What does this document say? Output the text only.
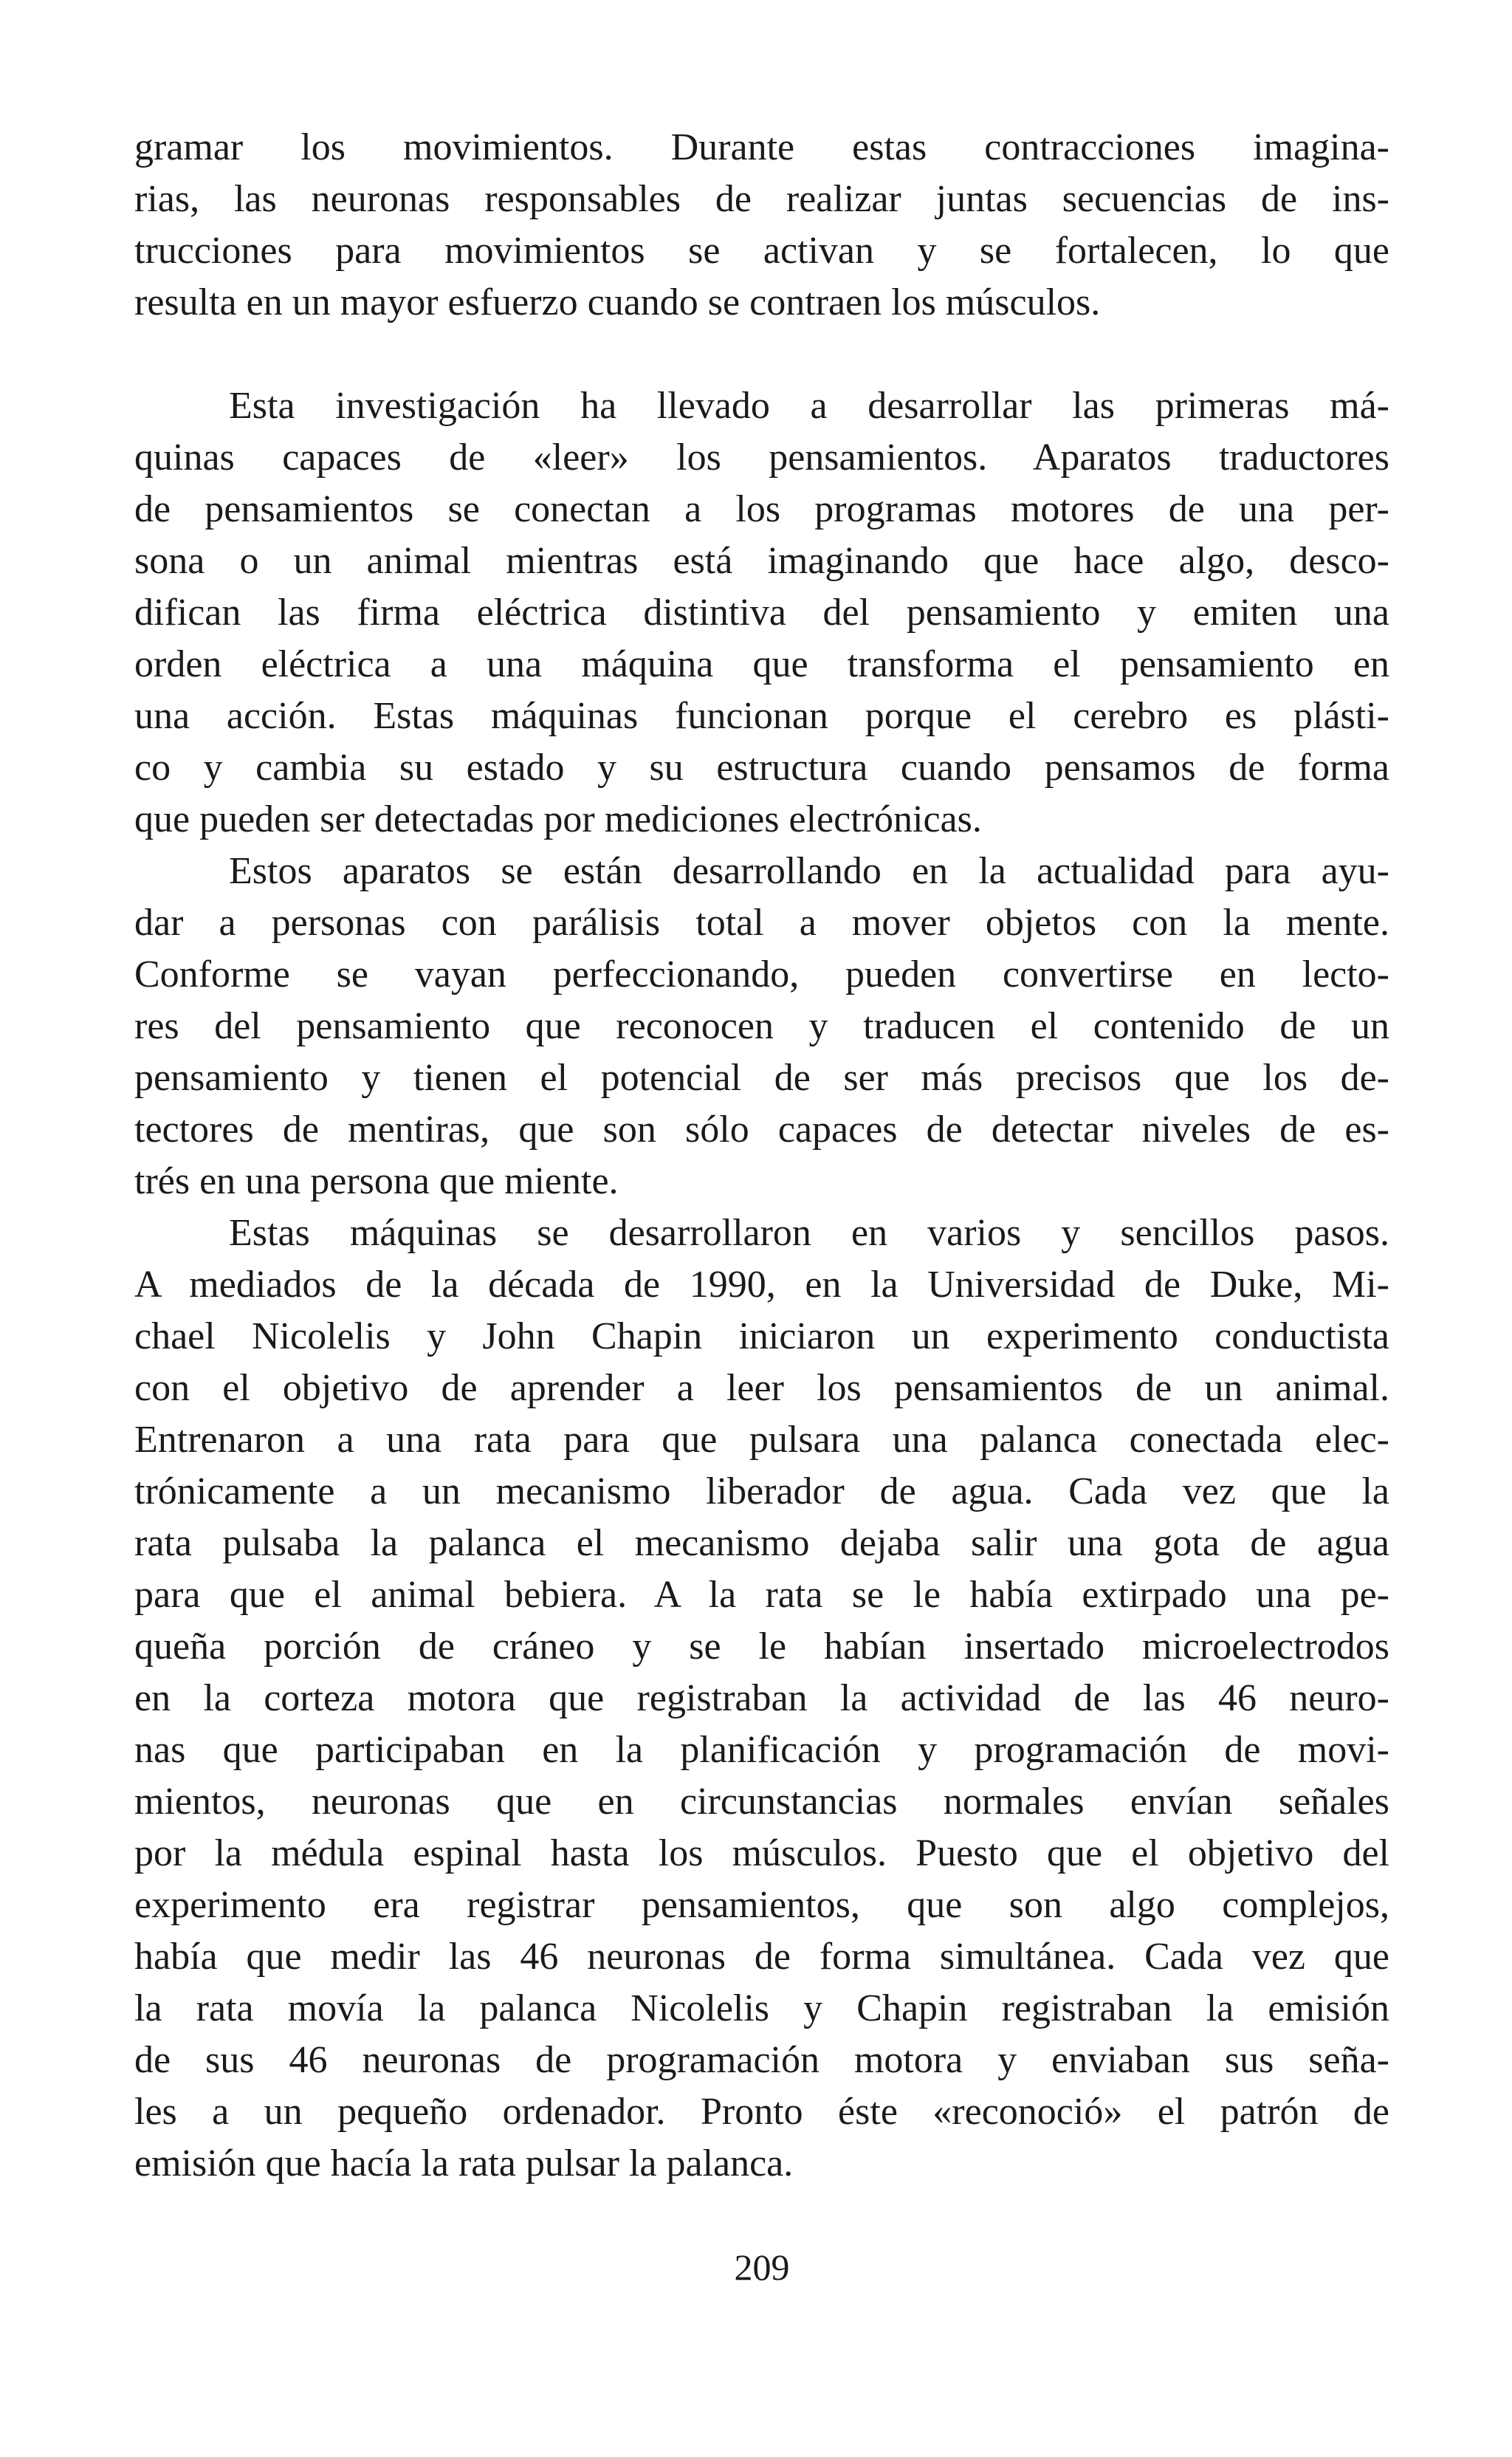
gramar los movimientos. Durante estas contracciones imagina-
rias, las neuronas responsables de realizar juntas secuencias de ins-
trucciones para movimientos se activan y se fortalecen, lo que
resulta en un mayor esfuerzo cuando se contraen los músculos.
Esta investigación ha llevado a desarrollar las primeras má-
quinas capaces de «leer» los pensamientos. Aparatos traductores
de pensamientos se conectan a los programas motores de una per-
sona o un animal mientras está imaginando que hace algo, desco-
difican las firma eléctrica distintiva del pensamiento y emiten una
orden eléctrica a una máquina que transforma el pensamiento en
una acción. Estas máquinas funcionan porque el cerebro es plásti-
co y cambia su estado y su estructura cuando pensamos de forma
que pueden ser detectadas por mediciones electrónicas.
Estos aparatos se están desarrollando en la actualidad para ayu-
dar a personas con parálisis total a mover objetos con la mente.
Conforme se vayan perfeccionando, pueden convertirse en lecto-
res del pensamiento que reconocen y traducen el contenido de un
pensamiento y tienen el potencial de ser más precisos que los de-
tectores de mentiras, que son sólo capaces de detectar niveles de es-
trés en una persona que miente.
Estas máquinas se desarrollaron en varios y sencillos pasos.
A mediados de la década de 1990, en la Universidad de Duke, Mi-
chael Nicolelis y John Chapin iniciaron un experimento conductista
con el objetivo de aprender a leer los pensamientos de un animal.
Entrenaron a una rata para que pulsara una palanca conectada elec-
trónicamente a un mecanismo liberador de agua. Cada vez que la
rata pulsaba la palanca el mecanismo dejaba salir una gota de agua
para que el animal bebiera. A la rata se le había extirpado una pe-
queña porción de cráneo y se le habían insertado microelectrodos
en la corteza motora que registraban la actividad de las 46 neuro-
nas que participaban en la planificación y programación de movi-
mientos, neuronas que en circunstancias normales envían señales
por la médula espinal hasta los músculos. Puesto que el objetivo del
experimento era registrar pensamientos, que son algo complejos,
había que medir las 46 neuronas de forma simultánea. Cada vez que
la rata movía la palanca Nicolelis y Chapin registraban la emisión
de sus 46 neuronas de programación motora y enviaban sus seña-
les a un pequeño ordenador. Pronto éste «reconoció» el patrón de
emisión que hacía la rata pulsar la palanca.
209
